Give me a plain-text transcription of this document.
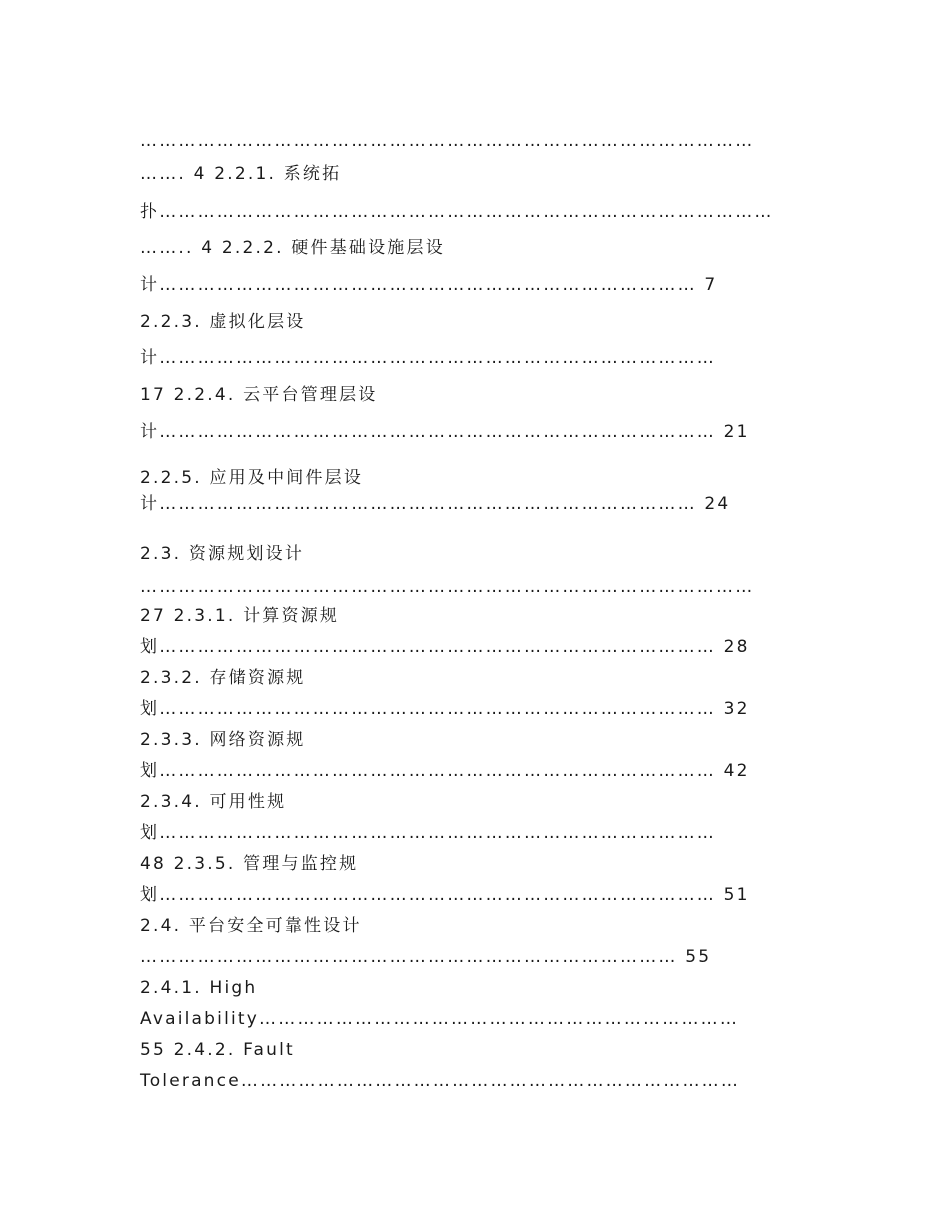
……………………………………………………………………………………
……. 4 2.2.1. 系统拓
扑……………………………………………………………………………………
…….. 4 2.2.2. 硬件基础设施层设
计………………………………………………………………………… 7
2.2.3. 虚拟化层设
计……………………………………………………………………………
17 2.2.4. 云平台管理层设
计…………………………………………………………………………… 21
2.2.5. 应用及中间件层设
计………………………………………………………………………… 24
2.3. 资源规划设计
……………………………………………………………………………………
27 2.3.1. 计算资源规
划…………………………………………………………………………… 28
2.3.2. 存储资源规
划…………………………………………………………………………… 32
2.3.3. 网络资源规
划…………………………………………………………………………… 42
2.3.4. 可用性规
划……………………………………………………………………………
48 2.3.5. 管理与监控规
划…………………………………………………………………………… 51
2.4. 平台安全可靠性设计
………………………………………………………………………… 55
2.4.1. High
Availability…………………………………………………………………
55 2.4.2. Fault
Tolerance……………………………………………………………………
